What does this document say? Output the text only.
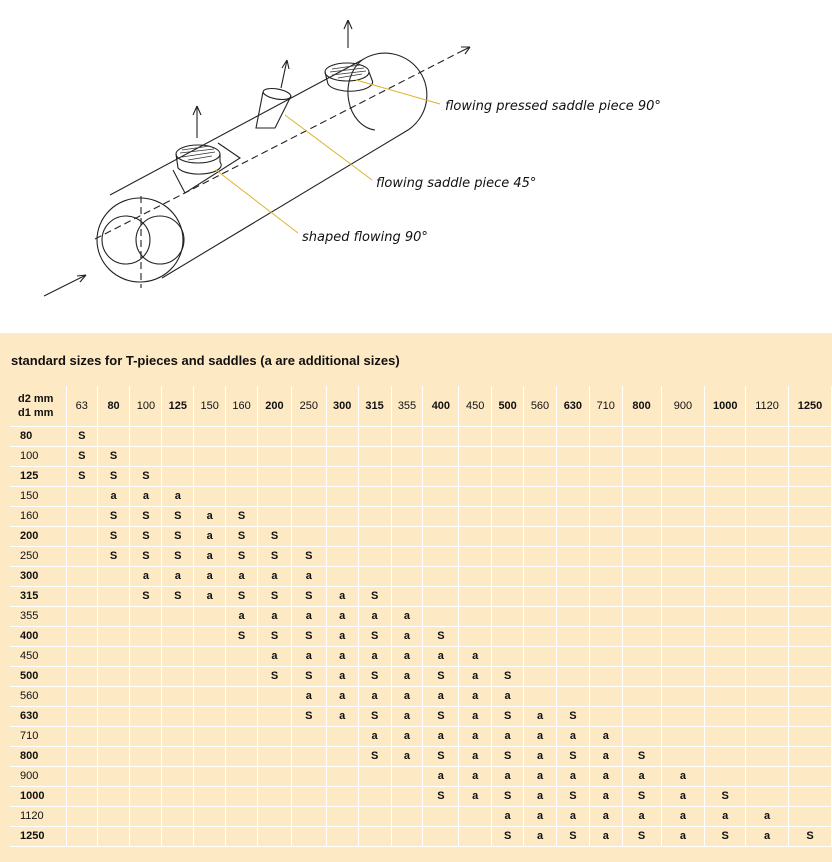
flowing pressed saddle piece 90°
flowing saddle piece 45°
shaped flowing 90°

standard sizes for T-pieces and saddles (a are additional sizes)

d2 mm
d1 mm	63	80	100	125	150	160	200	250	300	315	355	400	450	500	560	630	710	800	900	1000	1120	1250
80	S																					
100	S	S																				
125	S	S	S																			
150		a	a	a																		
160		S	S	S	a	S																
200		S	S	S	a	S	S															
250		S	S	S	a	S	S	S														
300			a	a	a	a	a	a														
315			S	S	a	S	S	S	a	S												
355						a	a	a	a	a	a											
400						S	S	S	a	S	a	S										
450							a	a	a	a	a	a	a									
500							S	S	a	S	a	S	a	S								
560								a	a	a	a	a	a	a								
630								S	a	S	a	S	a	S	a	S						
710										a	a	a	a	a	a	a	a					
800										S	a	S	a	S	a	S	a	S				
900												a	a	a	a	a	a	a	a			
1000												S	a	S	a	S	a	S	a	S		
1120														a	a	a	a	a	a	a	a	
1250														S	a	S	a	S	a	S	a	S
